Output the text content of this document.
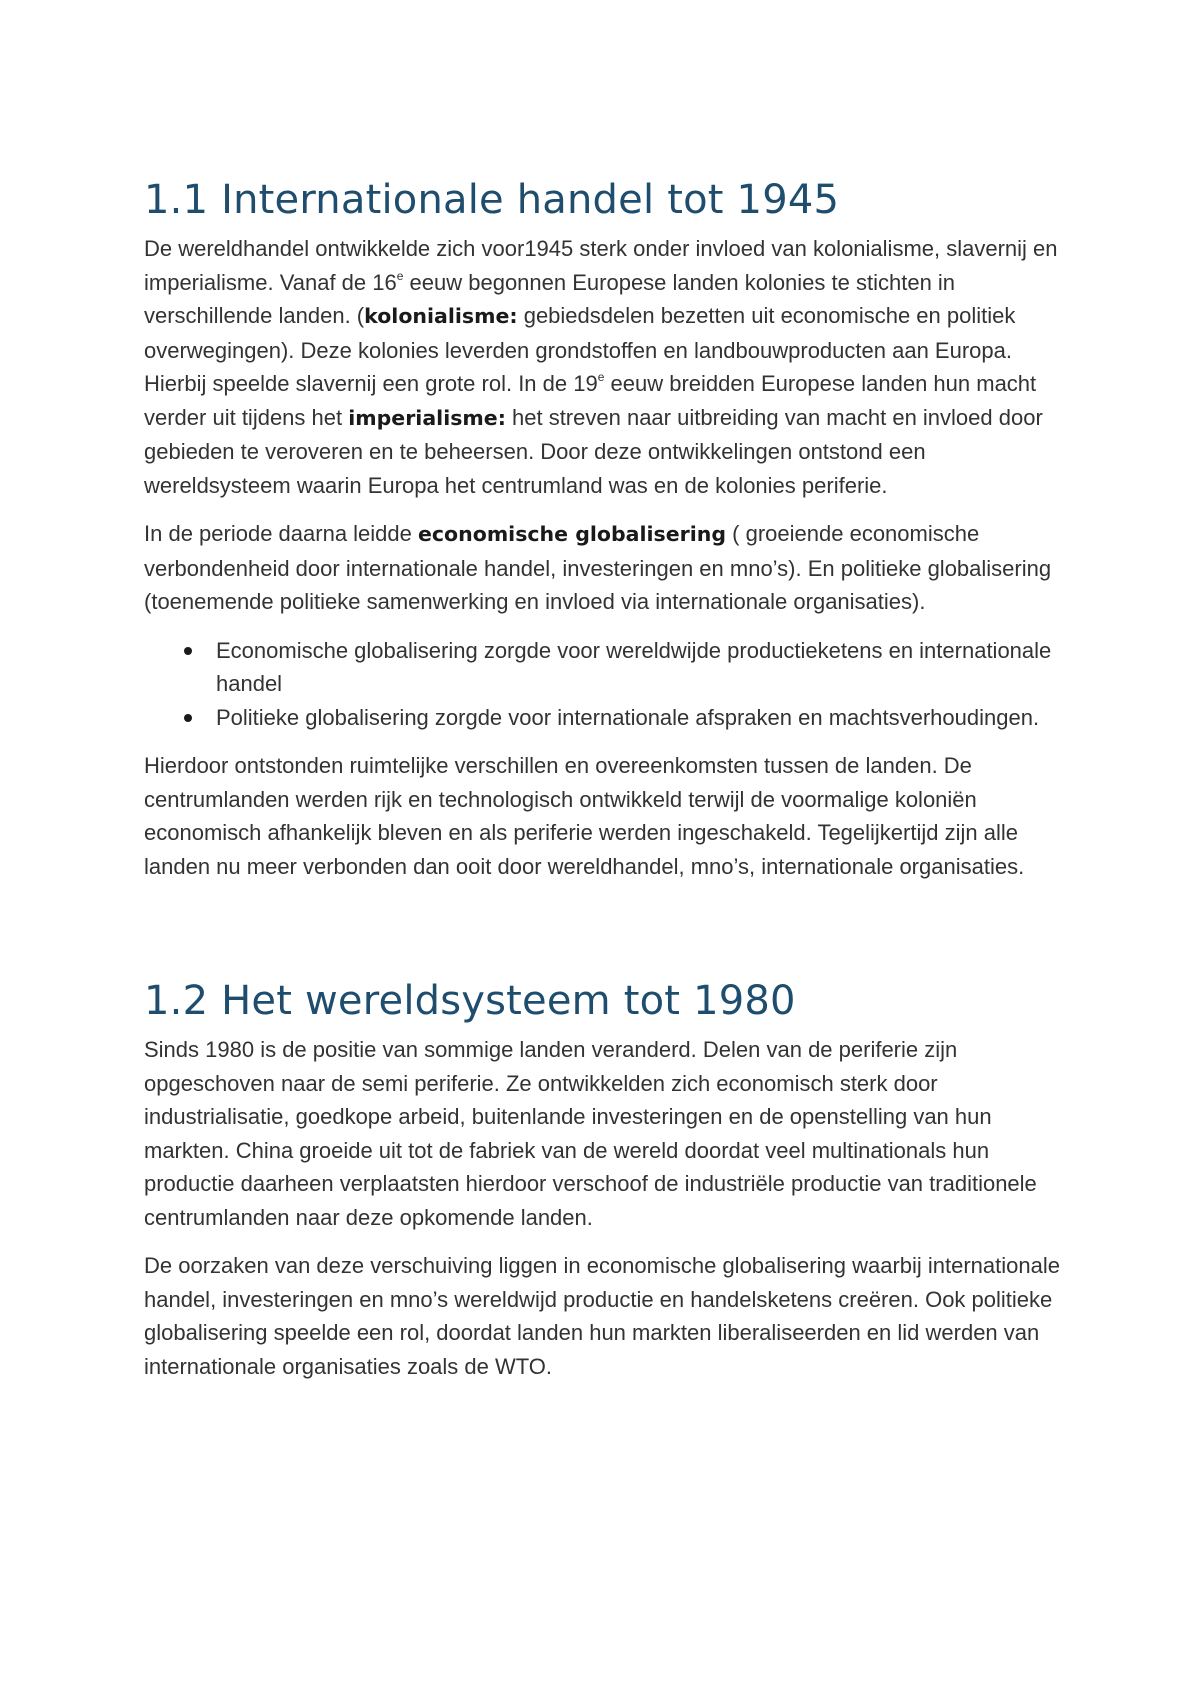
1.1 Internationale handel tot 1945

De wereldhandel ontwikkelde zich voor1945 sterk onder invloed van kolonialisme, slavernij en imperialisme. Vanaf de 16e eeuw begonnen Europese landen kolonies te stichten in verschillende landen. (kolonialisme: gebiedsdelen bezetten uit economische en politiek overwegingen). Deze kolonies leverden grondstoffen en landbouwproducten aan Europa. Hierbij speelde slavernij een grote rol. In de 19e eeuw breidden Europese landen hun macht verder uit tijdens het imperialisme: het streven naar uitbreiding van macht en invloed door gebieden te veroveren en te beheersen. Door deze ontwikkelingen ontstond een wereldsysteem waarin Europa het centrumland was en de kolonies periferie.

In de periode daarna leidde economische globalisering ( groeiende economische verbondenheid door internationale handel, investeringen en mno’s). En politieke globalisering (toenemende politieke samenwerking en invloed via internationale organisaties).

Economische globalisering zorgde voor wereldwijde productieketens en internationale handel
Politieke globalisering zorgde voor internationale afspraken en machtsverhoudingen.

Hierdoor ontstonden ruimtelijke verschillen en overeenkomsten tussen de landen. De centrumlanden werden rijk en technologisch ontwikkeld terwijl de voormalige koloniën economisch afhankelijk bleven en als periferie werden ingeschakeld. Tegelijkertijd zijn alle landen nu meer verbonden dan ooit door wereldhandel, mno’s, internationale organisaties.

1.2 Het wereldsysteem tot 1980

Sinds 1980 is de positie van sommige landen veranderd. Delen van de periferie zijn opgeschoven naar de semi periferie. Ze ontwikkelden zich economisch sterk door industrialisatie, goedkope arbeid, buitenlande investeringen en de openstelling van hun markten. China groeide uit tot de fabriek van de wereld doordat veel multinationals hun productie daarheen verplaatsten hierdoor verschoof de industriële productie van traditionele centrumlanden naar deze opkomende landen.

De oorzaken van deze verschuiving liggen in economische globalisering waarbij internationale handel, investeringen en mno’s wereldwijd productie en handelsketens creëren. Ook politieke globalisering speelde een rol, doordat landen hun markten liberaliseerden en lid werden van internationale organisaties zoals de WTO.
